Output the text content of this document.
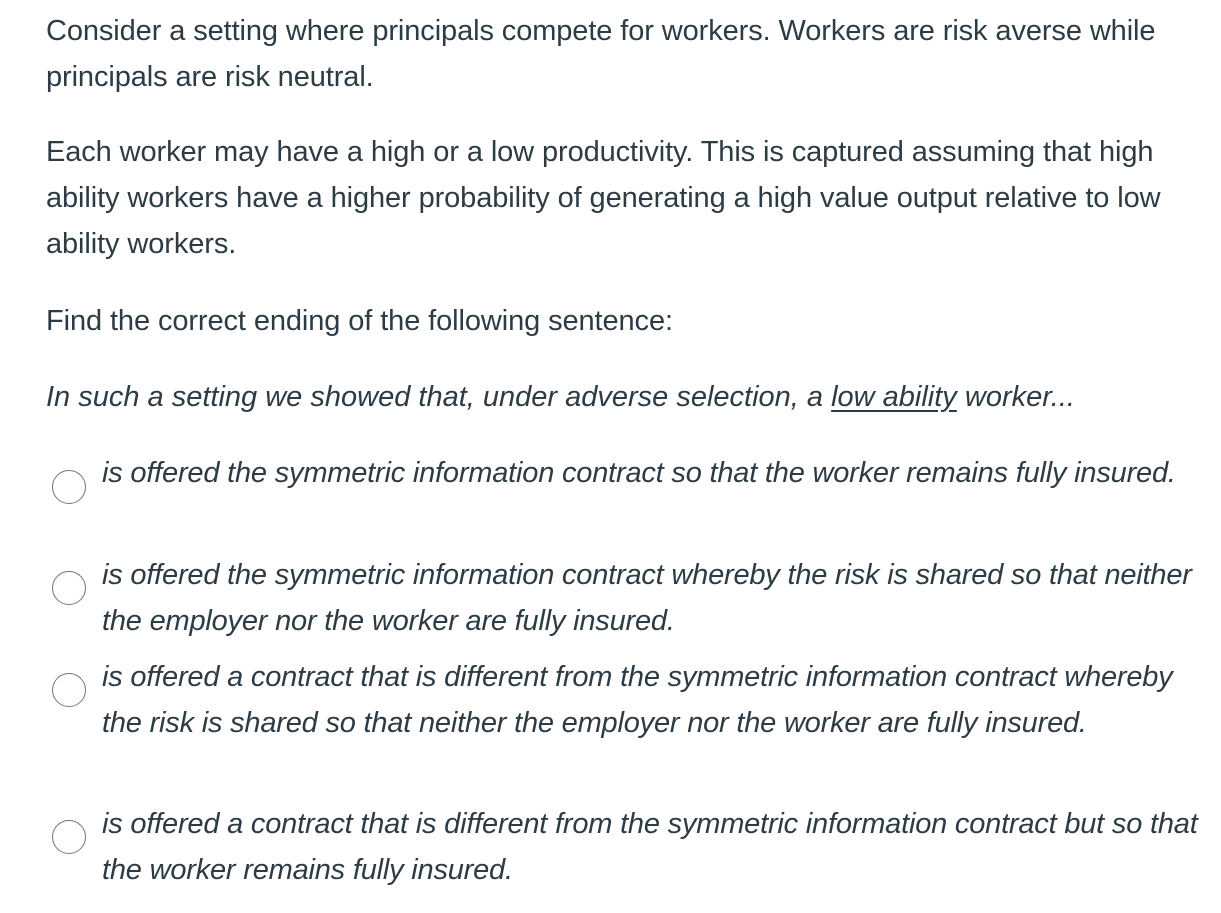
Consider a setting where principals compete for workers. Workers are risk averse while principals are risk neutral.

Each worker may have a high or a low productivity. This is captured assuming that high ability workers have a higher probability of generating a high value output relative to low ability workers.

Find the correct ending of the following sentence:

In such a setting we showed that, under adverse selection, a low ability worker...

is offered the symmetric information contract so that the worker remains fully insured.

is offered the symmetric information contract whereby the risk is shared so that neither the employer nor the worker are fully insured.

is offered a contract that is different from the symmetric information contract whereby the risk is shared so that neither the employer nor the worker are fully insured.

is offered a contract that is different from the symmetric information contract but so that the worker remains fully insured.
